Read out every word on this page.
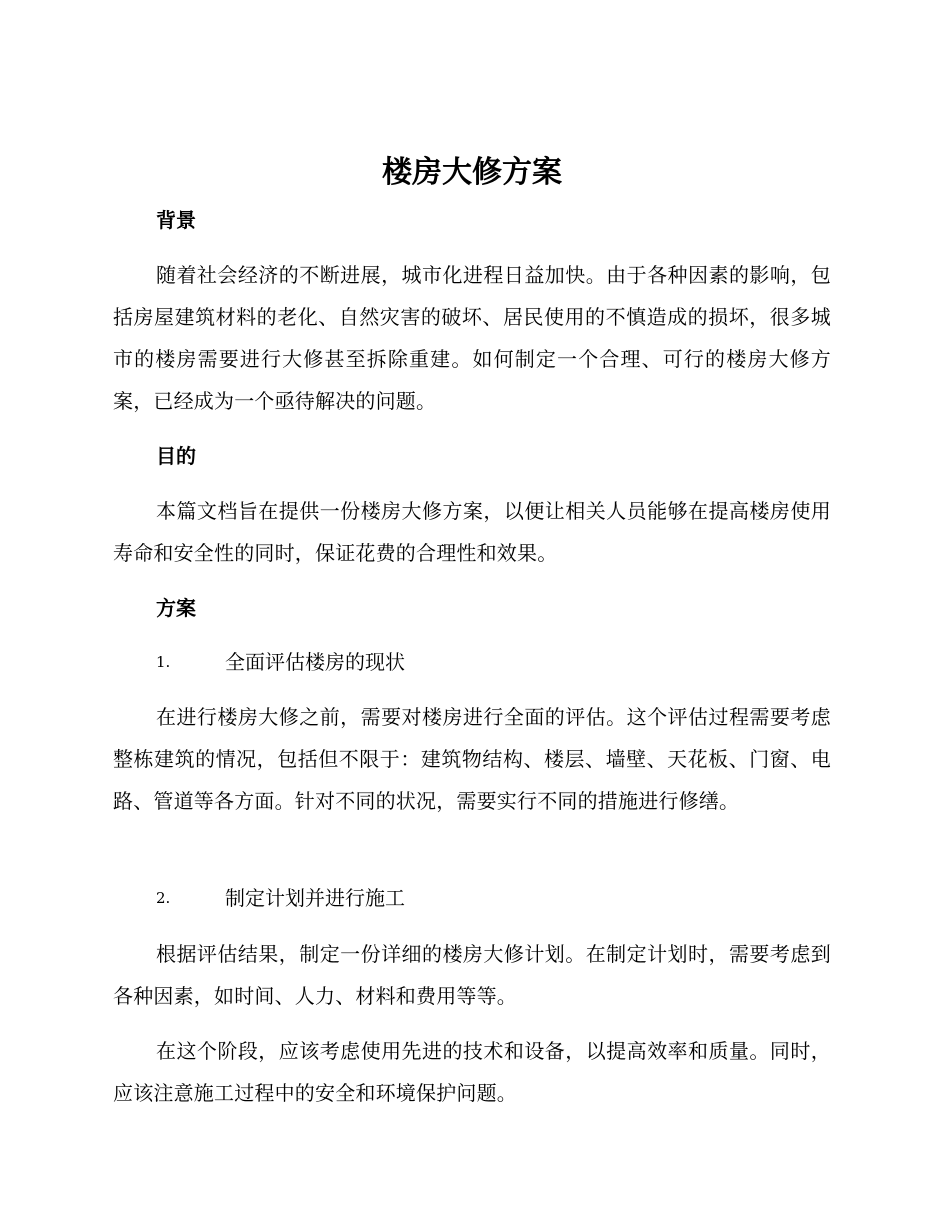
楼房大修方案
背景

随着社会经济的不断进展，城市化进程日益加快。由于各种因素的影响，包括房屋建筑材料的老化、自然灾害的破坏、居民使用的不慎造成的损坏，很多城市的楼房需要进行大修甚至拆除重建。如何制定一个合理、可行的楼房大修方案，已经成为一个亟待解决的问题。

目的

本篇文档旨在提供一份楼房大修方案，以便让相关人员能够在提高楼房使用寿命和安全性的同时，保证花费的合理性和效果。

方案
1.	全面评估楼房的现状

在进行楼房大修之前，需要对楼房进行全面的评估。这个评估过程需要考虑整栋建筑的情况，包括但不限于：建筑物结构、楼层、墙壁、天花板、门窗、电路、管道等各方面。针对不同的状况，需要实行不同的措施进行修缮。

2.	制定计划并进行施工

根据评估结果，制定一份详细的楼房大修计划。在制定计划时，需要考虑到各种因素，如时间、人力、材料和费用等等。

在这个阶段，应该考虑使用先进的技术和设备，以提高效率和质量。同时，应该注意施工过程中的安全和环境保护问题。
